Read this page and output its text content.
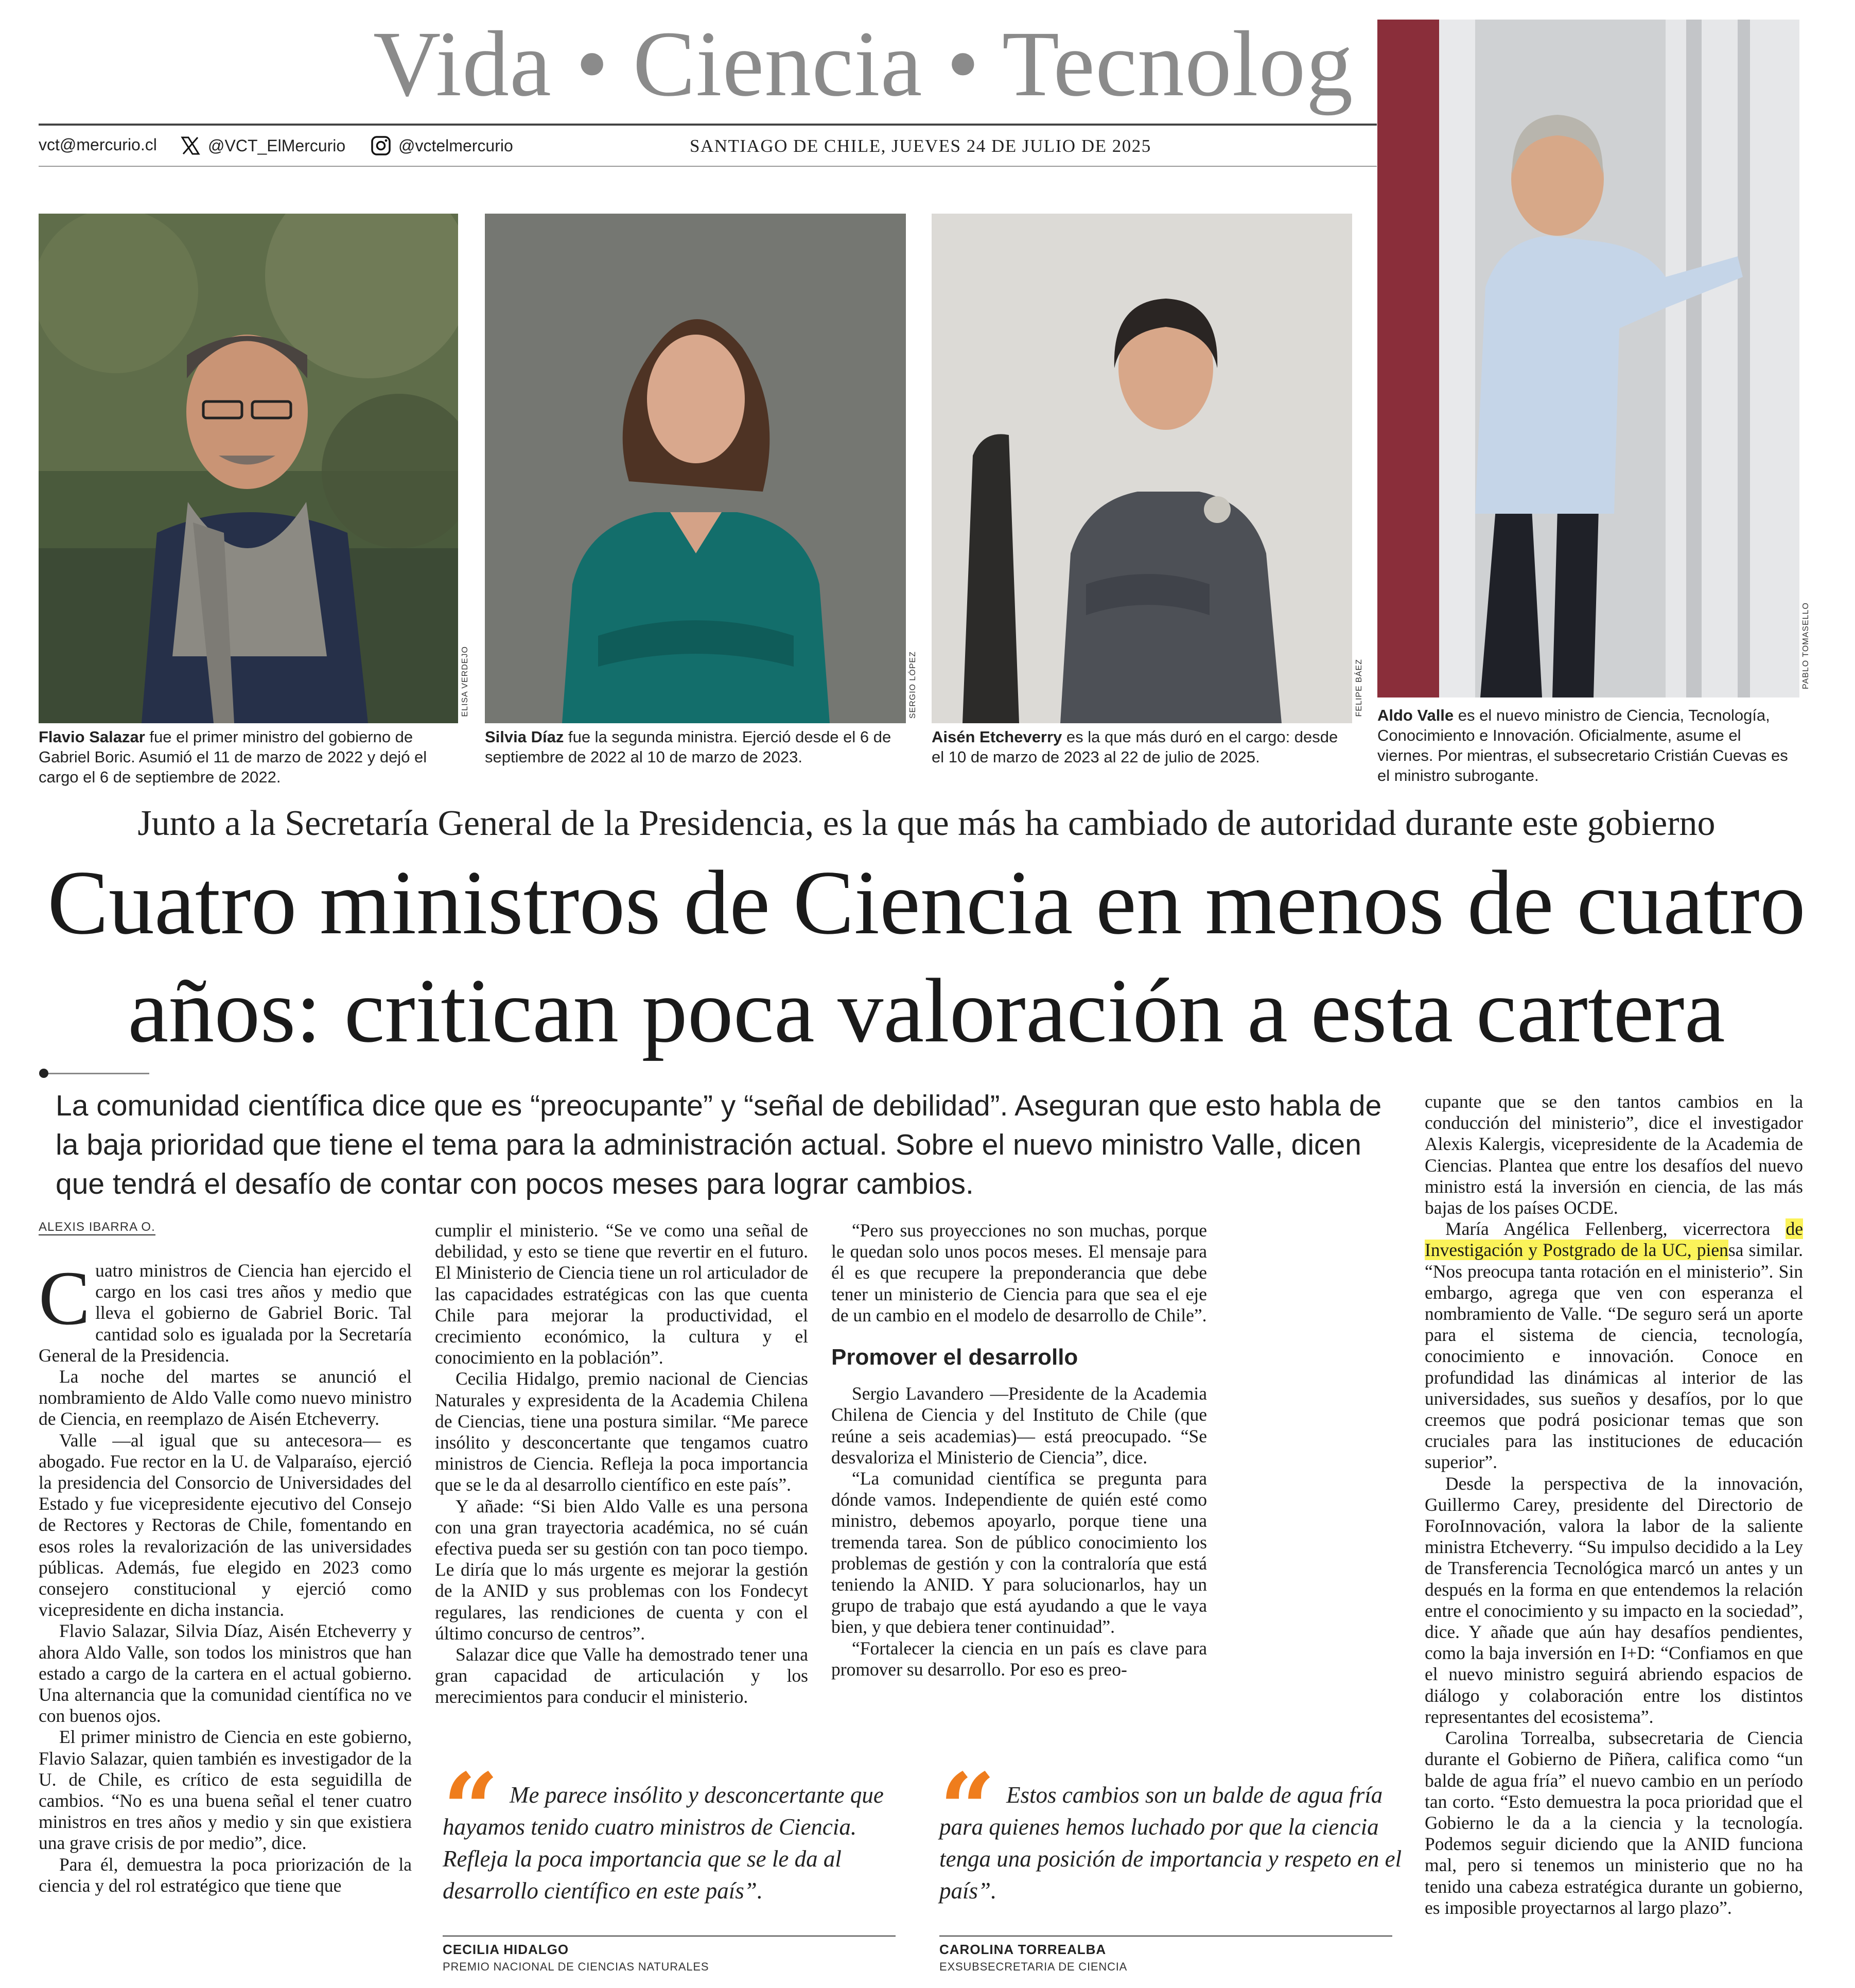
Vida • Ciencia • Tecnolog
vct@mercurio.cl	@VCT_ElMercurio	@vctelmercurio	SANTIAGO DE CHILE, JUEVES 24 DE JULIO DE 2025
ELISA VERDEJO
Flavio Salazar fue el primer ministro del gobierno de Gabriel Boric. Asumió el 11 de marzo de 2022 y dejó el cargo el 6 de septiembre de 2022.
SERGIO LÓPEZ
Silvia Díaz fue la segunda ministra. Ejerció desde el 6 de septiembre de 2022 al 10 de marzo de 2023.
FELIPE BÁEZ
Aisén Etcheverry es la que más duró en el cargo: desde el 10 de marzo de 2023 al 22 de julio de 2025.
PABLO TOMASELLO
Aldo Valle es el nuevo ministro de Ciencia, Tecnología, Conocimiento e Innovación. Oficialmente, asume el viernes. Por mientras, el subsecretario Cristián Cuevas es el ministro subrogante.
Junto a la Secretaría General de la Presidencia, es la que más ha cambiado de autoridad durante este gobierno
Cuatro ministros de Ciencia en menos de cuatro
años: critican poca valoración a esta cartera
La comunidad científica dice que es “preocupante” y “señal de debilidad”. Aseguran que esto habla de la baja prioridad que tiene el tema para la administración actual. Sobre el nuevo ministro Valle, dicen que tendrá el desafío de contar con pocos meses para lograr cambios.
ALEXIS IBARRA O.

Cuatro ministros de Ciencia han ejercido el cargo en los casi tres años y medio que lleva el gobierno de Gabriel Boric. Tal cantidad solo es igualada por la Secretaría General de la Presidencia.

La noche del martes se anunció el nombramiento de Aldo Valle como nuevo ministro de Ciencia, en reemplazo de Aisén Etcheverry.

Valle —al igual que su antecesora— es abogado. Fue rector en la U. de Valparaíso, ejerció la presidencia del Consorcio de Universidades del Estado y fue vicepresidente ejecutivo del Consejo de Rectores y Rectoras de Chile, fomentando en esos roles la revalorización de las universidades públicas. Además, fue elegido en 2023 como consejero constitucional y ejerció como vicepresidente en dicha instancia.

Flavio Salazar, Silvia Díaz, Aisén Etcheverry y ahora Aldo Valle, son todos los ministros que han estado a cargo de la cartera en el actual gobierno. Una alternancia que la comunidad científica no ve con buenos ojos.

El primer ministro de Ciencia en este gobierno, Flavio Salazar, quien también es investigador de la U. de Chile, es crítico de esta seguidilla de cambios. “No es una buena señal el tener cuatro ministros en tres años y medio y sin que existiera una grave crisis de por medio”, dice.

Para él, demuestra la poca priorización de la ciencia y del rol estratégico que tiene que

cumplir el ministerio. “Se ve como una señal de debilidad, y esto se tiene que revertir en el futuro. El Ministerio de Ciencia tiene un rol articulador de las capacidades estratégicas con las que cuenta Chile para mejorar la productividad, el crecimiento económico, la cultura y el conocimiento en la población”.

Cecilia Hidalgo, premio nacional de Ciencias Naturales y expresidenta de la Academia Chilena de Ciencias, tiene una postura similar. “Me parece insólito y desconcertante que tengamos cuatro ministros de Ciencia. Refleja la poca importancia que se le da al desarrollo científico en este país”.

Y añade: “Si bien Aldo Valle es una persona con una gran trayectoria académica, no sé cuán efectiva pueda ser su gestión con tan poco tiempo. Le diría que lo más urgente es mejorar la gestión de la ANID y sus problemas con los Fondecyt regulares, las rendiciones de cuenta y con el último concurso de centros”.

Salazar dice que Valle ha demostrado tener una gran capacidad de articulación y los merecimientos para conducir el ministerio.

“Pero sus proyecciones no son muchas, porque le quedan solo unos pocos meses. El mensaje para él es que recupere la preponderancia que debe tener un ministerio de Ciencia para que sea el eje de un cambio en el modelo de desarrollo de Chile”.

Promover el desarrollo

Sergio Lavandero —Presidente de la Academia Chilena de Ciencia y del Instituto de Chile (que reúne a seis academias)— está preocupado. “Se desvaloriza el Ministerio de Ciencia”, dice.

“La comunidad científica se pregunta para dónde vamos. Independiente de quién esté como ministro, debemos apoyarlo, porque tiene una tremenda tarea. Son de público conocimiento los problemas de gestión y con la contraloría que está teniendo la ANID. Y para solucionarlos, hay un grupo de trabajo que está ayudando a que le vaya bien, y que debiera tener continuidad”.

“Fortalecer la ciencia en un país es clave para promover su desarrollo. Por eso es preo-

cupante que se den tantos cambios en la conducción del ministerio”, dice el investigador Alexis Kalergis, vicepresidente de la Academia de Ciencias. Plantea que entre los desafíos del nuevo ministro está la inversión en ciencia, de las más bajas de los países OCDE.

María Angélica Fellenberg, vicerrectora de Investigación y Postgrado de la UC, piensa similar. “Nos preocupa tanta rotación en el ministerio”. Sin embargo, agrega que ven con esperanza el nombramiento de Valle. “De seguro será un aporte para el sistema de ciencia, tecnología, conocimiento e innovación. Conoce en profundidad las dinámicas al interior de las universidades, sus sueños y desafíos, por lo que creemos que podrá posicionar temas que son cruciales para las instituciones de educación superior”.

Desde la perspectiva de la innovación, Guillermo Carey, presidente del Directorio de ForoInnovación, valora la labor de la saliente ministra Etcheverry. “Su impulso decidido a la Ley de Transferencia Tecnológica marcó un antes y un después en la forma en que entendemos la relación entre el conocimiento y su impacto en la sociedad”, dice. Y añade que aún hay desafíos pendientes, como la baja inversión en I+D: “Confiamos en que el nuevo ministro seguirá abriendo espacios de diálogo y colaboración entre los distintos representantes del ecosistema”.

Carolina Torrealba, subsecretaria de Ciencia durante el Gobierno de Piñera, califica como “un balde de agua fría” el nuevo cambio en un período tan corto. “Esto demuestra la poca prioridad que el Gobierno le da a la ciencia y la tecnología. Podemos seguir diciendo que la ANID funciona mal, pero si tenemos un ministerio que no ha tenido una cabeza estratégica durante un gobierno, es imposible proyectarnos al largo plazo”.

“ Me parece insólito y desconcertante que hayamos tenido cuatro ministros de Ciencia. Refleja la poca importancia que se le da al desarrollo científico en este país”.
CECILIA HIDALGO
PREMIO NACIONAL DE CIENCIAS NATURALES
“ Estos cambios son un balde de agua fría para quienes hemos luchado por que la ciencia tenga una posición de importancia y respeto en el país”.
CAROLINA TORREALBA
EXSUBSECRETARIA DE CIENCIA
